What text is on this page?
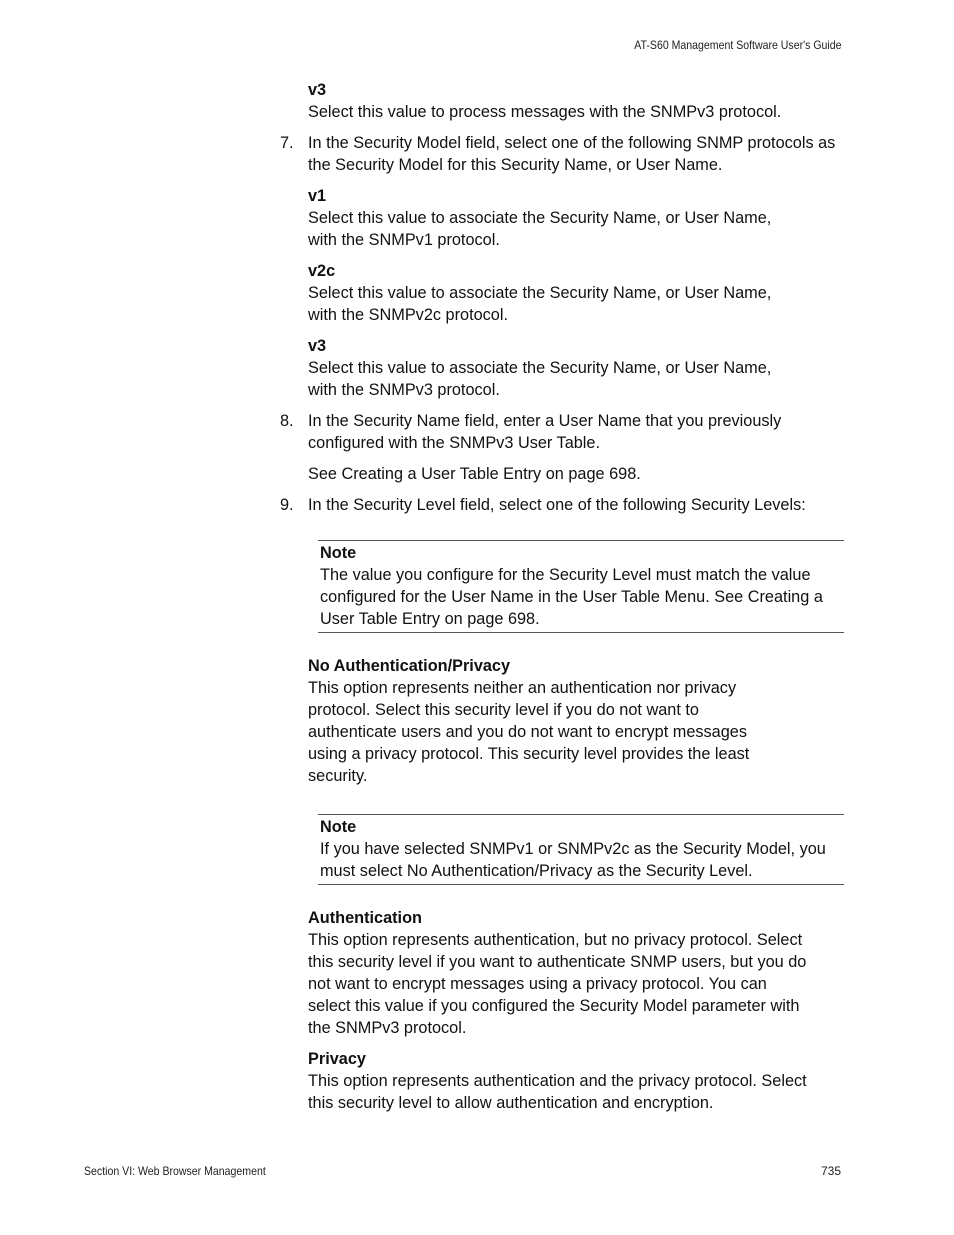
AT-S60 Management Software User's Guide

v3

Select this value to process messages with the SNMPv3 protocol.

7. In the Security Model field, select one of the following SNMP protocols as the Security Model for this Security Name, or User Name.

v1

Select this value to associate the Security Name, or User Name, with the SNMPv1 protocol.

v2c

Select this value to associate the Security Name, or User Name, with the SNMPv2c protocol.

v3

Select this value to associate the Security Name, or User Name, with the SNMPv3 protocol.

8. In the Security Name field, enter a User Name that you previously configured with the SNMPv3 User Table.

See Creating a User Table Entry on page 698.

9. In the Security Level field, select one of the following Security Levels:

Note

The value you configure for the Security Level must match the value configured for the User Name in the User Table Menu. See Creating a User Table Entry on page 698.

No Authentication/Privacy

This option represents neither an authentication nor privacy protocol. Select this security level if you do not want to authenticate users and you do not want to encrypt messages using a privacy protocol. This security level provides the least security.

Note

If you have selected SNMPv1 or SNMPv2c as the Security Model, you must select No Authentication/Privacy as the Security Level.

Authentication

This option represents authentication, but no privacy protocol. Select this security level if you want to authenticate SNMP users, but you do not want to encrypt messages using a privacy protocol. You can select this value if you configured the Security Model parameter with the SNMPv3 protocol.

Privacy

This option represents authentication and the privacy protocol. Select this security level to allow authentication and encryption.

Section VI: Web Browser Management	735
